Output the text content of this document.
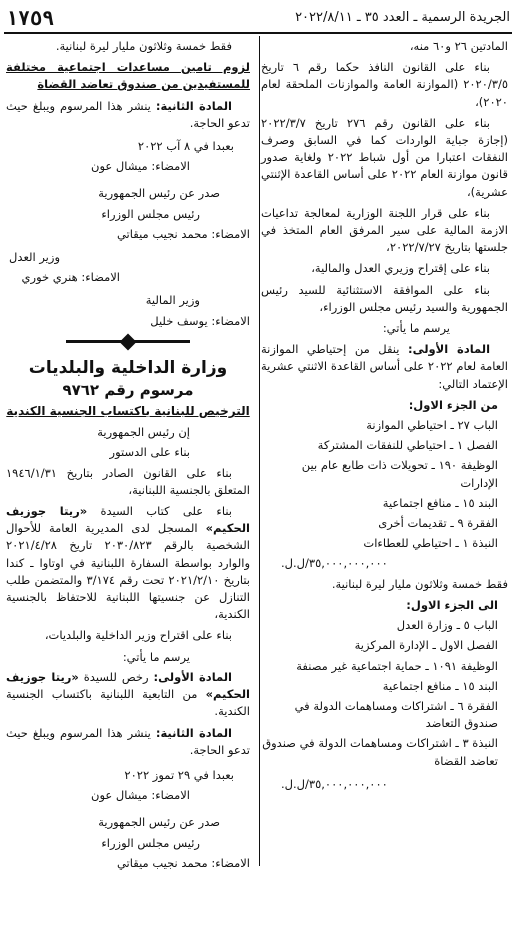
الجريدة الرسمية ـ العدد ٣٥ ـ ٢٠٢٢/٨/١١
١٧٥٩

المادتين ٢٦ و٦٠ منه،

بناء على القانون النافذ حكما رقم ٦ تاريخ ٢٠٢٠/٣/٥ (الموازنة العامة والموازنات الملحقة لعام ٢٠٢٠)،

بناء على القانون رقم ٢٧٦ تاريخ ٢٠٢٢/٣/٧ (إجازة جباية الواردات كما في السابق وصرف النفقات اعتبارا من أول شباط ٢٠٢٢ ولغاية صدور قانون موازنة العام ٢٠٢٢ على أساس القاعدة الإثنتي عشرية)،

بناء على قرار اللجنة الوزارية لمعالجة تداعيات الازمة المالية على سير المرفق العام المتخذ في جلستها بتاريخ ٢٠٢٢/٧/٢٧،

بناء على إقتراح وزيري العدل والمالية،

بناء على الموافقة الاستثنائية للسيد رئيس الجمهورية والسيد رئيس مجلس الوزراء،

يرسم ما يأتي:

المادة الأولى: ينقل من إحتياطي الموازنة العامة لعام ٢٠٢٢ على أساس القاعدة الاثنتي عشرية الإعتماد التالي:

من الجزء الاول:
الباب ٢٧ ـ احتياطي الموازنة
الفصل ١ ـ احتياطي للنفقات المشتركة
الوظيفة ١٩٠ ـ تحويلات ذات طابع عام بين الإدارات
البند ١٥ ـ منافع اجتماعية
الفقرة ٩ ـ تقديمات أخرى
النبذة ١ ـ احتياطي للعطاءات
٣٥,٠٠٠,٠٠٠,٠٠٠/ل.ل.
فقط خمسة وثلاثون مليار ليرة لبنانية.
الى الجزء الاول:
الباب ٥ ـ وزارة العدل
الفصل الاول ـ الإدارة المركزية
الوظيفة ١٠٩١ ـ حماية اجتماعية غير مصنفة
البند ١٥ ـ منافع اجتماعية
الفقرة ٦ ـ اشتراكات ومساهمات الدولة في صندوق التعاضد
النبذة ٣ ـ اشتراكات ومساهمات الدولة في صندوق تعاضد القضاة
٣٥,٠٠٠,٠٠٠,٠٠٠/ل.ل.

فقط خمسة وثلاثون مليار ليرة لبنانية.

لزوم تامين مساعدات اجتماعية مختلفة للمستفيدين من صندوق تعاضد القضاة

المادة الثانية: ينشر هذا المرسوم ويبلغ حيث تدعو الحاجة.

بعبدا في ٨ آب ٢٠٢٢
الامضاء: ميشال عون
صدر عن رئيس الجمهورية
رئيس مجلس الوزراء
الامضاء: محمد نجيب ميقاتي
وزير العدل
الامضاء: هنري خوري
وزير المالية
الامضاء: يوسف خليل
وزارة الداخلية والبلديات
مرسوم رقم ٩٧٦٢
الترخيص للبنانية باكتساب الجنسية الكندية
إن رئيس الجمهورية
بناء على الدستور

بناء على القانون الصادر بتاريخ ١٩٤٦/١/٣١ المتعلق بالجنسية اللبنانية،

بناء على كتاب السيدة «ريتا جوزيف الحكيم» المسجل لدى المديرية العامة للأحوال الشخصية بالرقم ٢٠٣٠/٨٢٣ تاريخ ٢٠٢١/٤/٢٨ والوارد بواسطة السفارة اللبنانية في اوتاوا ـ كندا بتاريخ ٢٠٢١/٢/١٠ تحت رقم ٣/١٧٤ والمتضمن طلب التنازل عن جنسيتها اللبنانية للاحتفاظ بالجنسية الكندية،

بناء على اقتراح وزير الداخلية والبلديات،

يرسم ما يأتي:

المادة الأولى: رخص للسيدة «ريتا جوزيف الحكيم» من التابعية اللبنانية باكتساب الجنسية الكندية.

المادة الثانية: ينشر هذا المرسوم ويبلغ حيث تدعو الحاجة.

بعبدا في ٢٩ تموز ٢٠٢٢
الامضاء: ميشال عون
صدر عن رئيس الجمهورية
رئيس مجلس الوزراء
الامضاء: محمد نجيب ميقاتي
